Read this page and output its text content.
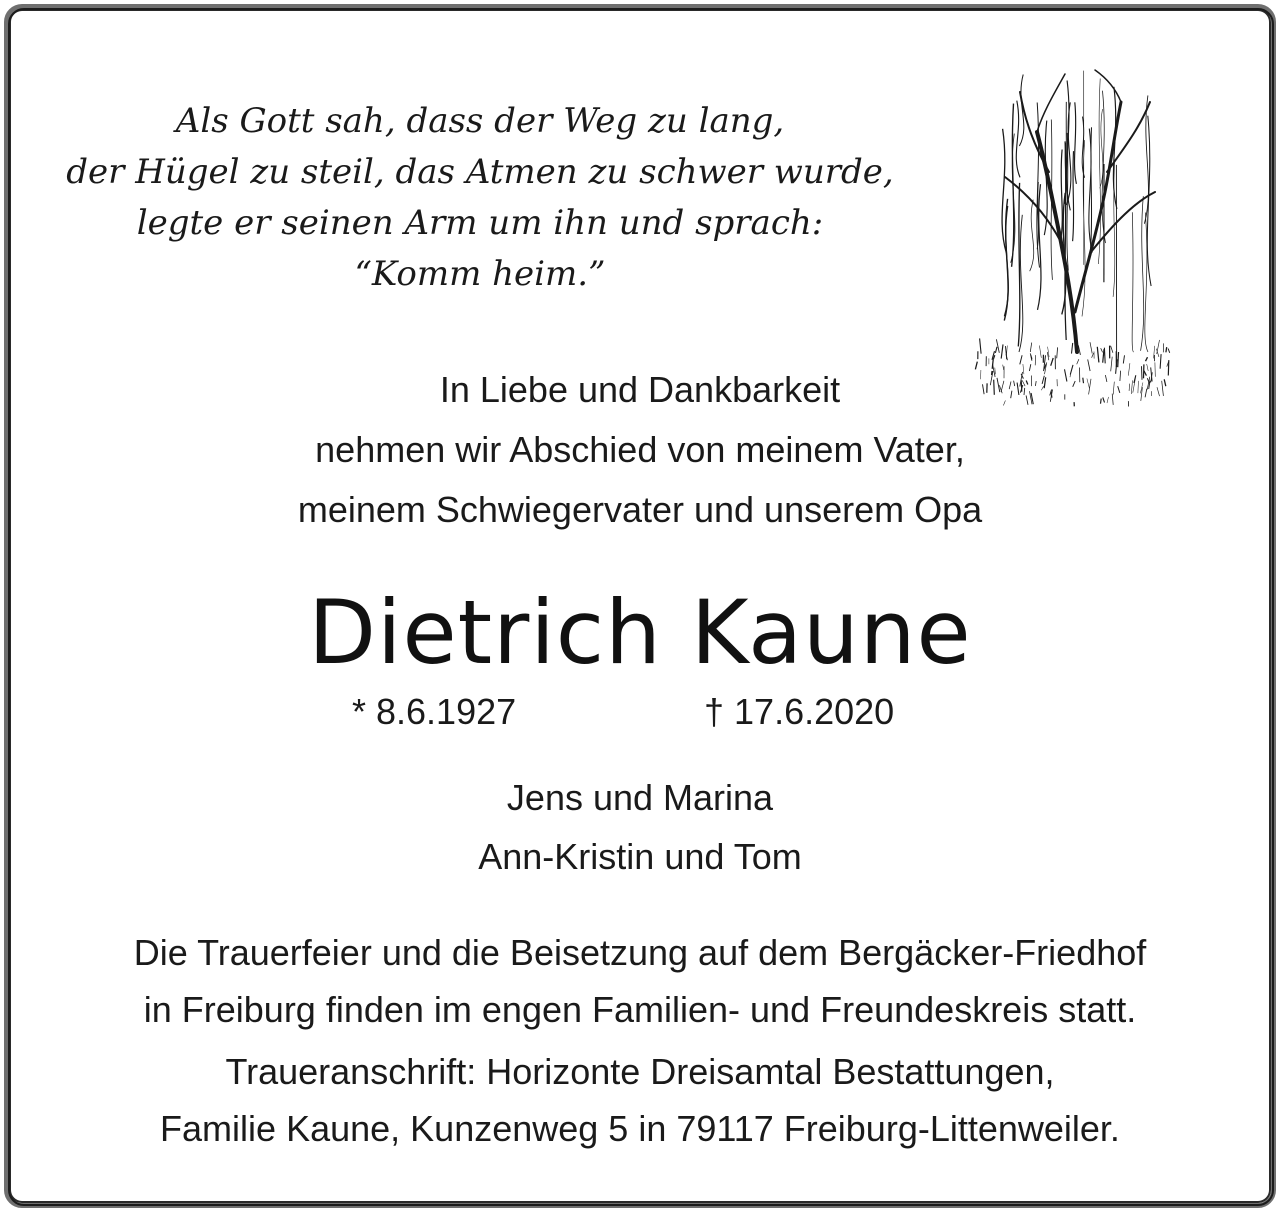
Als Gott sah, dass der Weg zu lang,
der Hügel zu steil, das Atmen zu schwer wurde,
legte er seinen Arm um ihn und sprach:
“Komm heim.”
In Liebe und Dankbarkeit
nehmen wir Abschied von meinem Vater,
meinem Schwiegervater und unserem Opa
Dietrich Kaune
* 8.6.1927	† 17.6.2020
Jens und Marina
Ann-Kristin und Tom
Die Trauerfeier und die Beisetzung auf dem Bergäcker-Friedhof
in Freiburg finden im engen Familien- und Freundeskreis statt.
Traueranschrift: Horizonte Dreisamtal Bestattungen,
Familie Kaune, Kunzenweg 5 in 79117 Freiburg-Littenweiler.
